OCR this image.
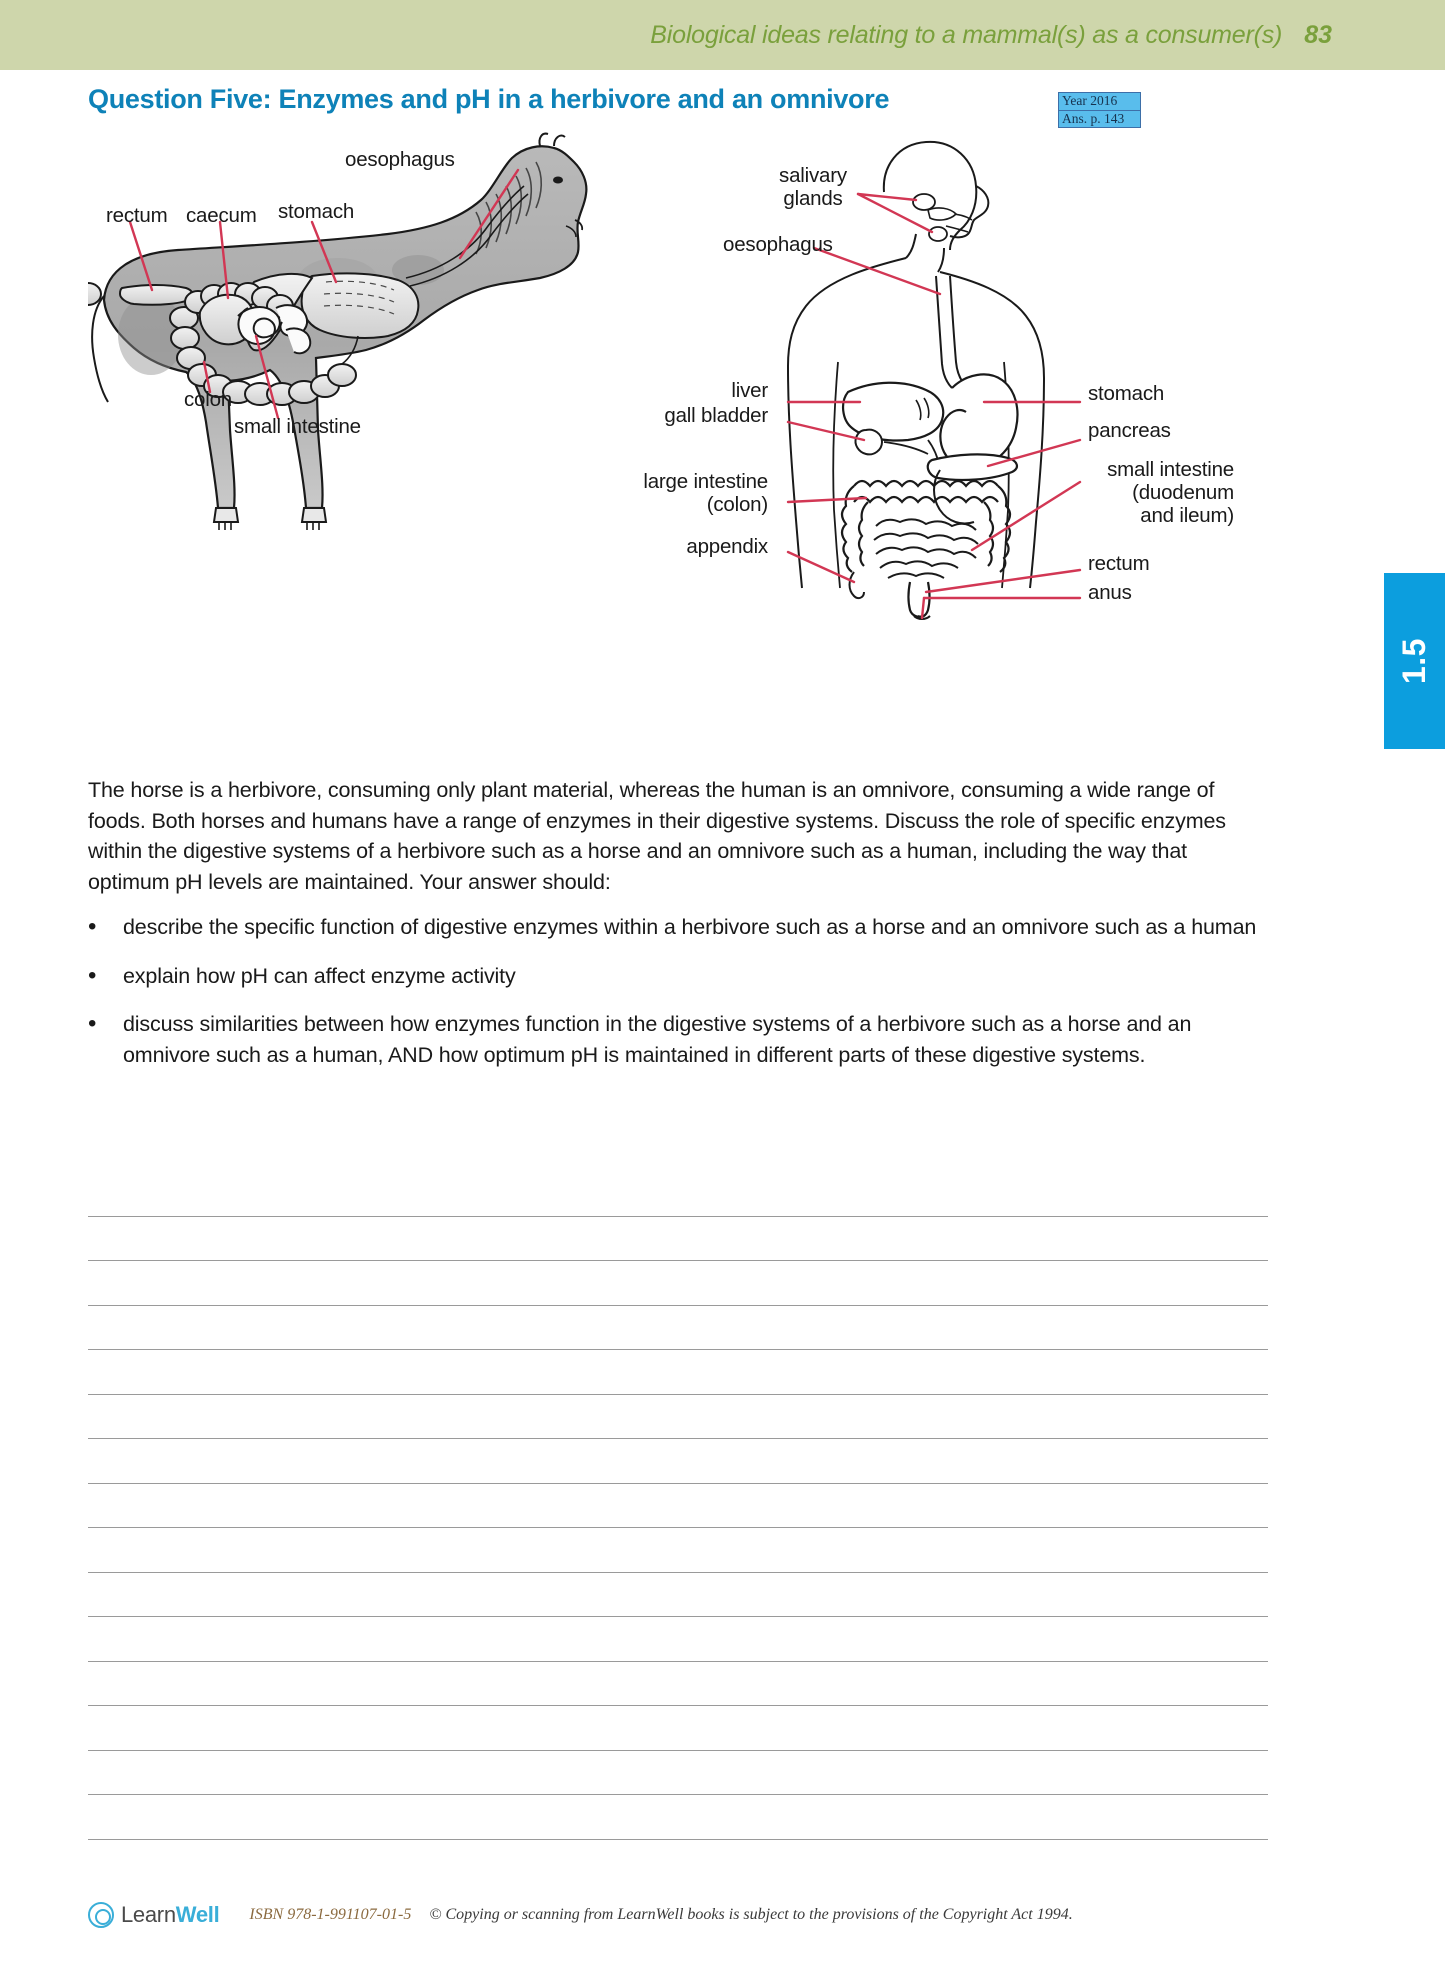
Biological ideas relating to a mammal(s) as a consumer(s) 83
Question Five: Enzymes and pH in a herbivore and an omnivore	Year 2016
Ans. p. 143
1.5
oesophagus
stomach
caecum
rectum
colon
small intestine
salivary
glands
oesophagus
liver
gall bladder
large intestine
(colon)
appendix
stomach
pancreas
small intestine
(duodenum
and ileum)
rectum
anus
The horse is a herbivore, consuming only plant material, whereas the human is an omnivore, consuming a wide range of foods. Both horses and humans have a range of enzymes in their digestive systems. Discuss the role of specific enzymes within the digestive systems of a herbivore such as a horse and an omnivore such as a human, including the way that optimum pH levels are maintained. Your answer should:
•	describe the specific function of digestive enzymes within a herbivore such as a horse and an omnivore such as a human
•	explain how pH can affect enzyme activity
•	discuss similarities between how enzymes function in the digestive systems of a herbivore such as a horse and an omnivore such as a human, AND how optimum pH is maintained in different parts of these digestive systems.
LearnWell ISBN 978-1-991107-01-5 © Copying or scanning from LearnWell books is subject to the provisions of the Copyright Act 1994.
